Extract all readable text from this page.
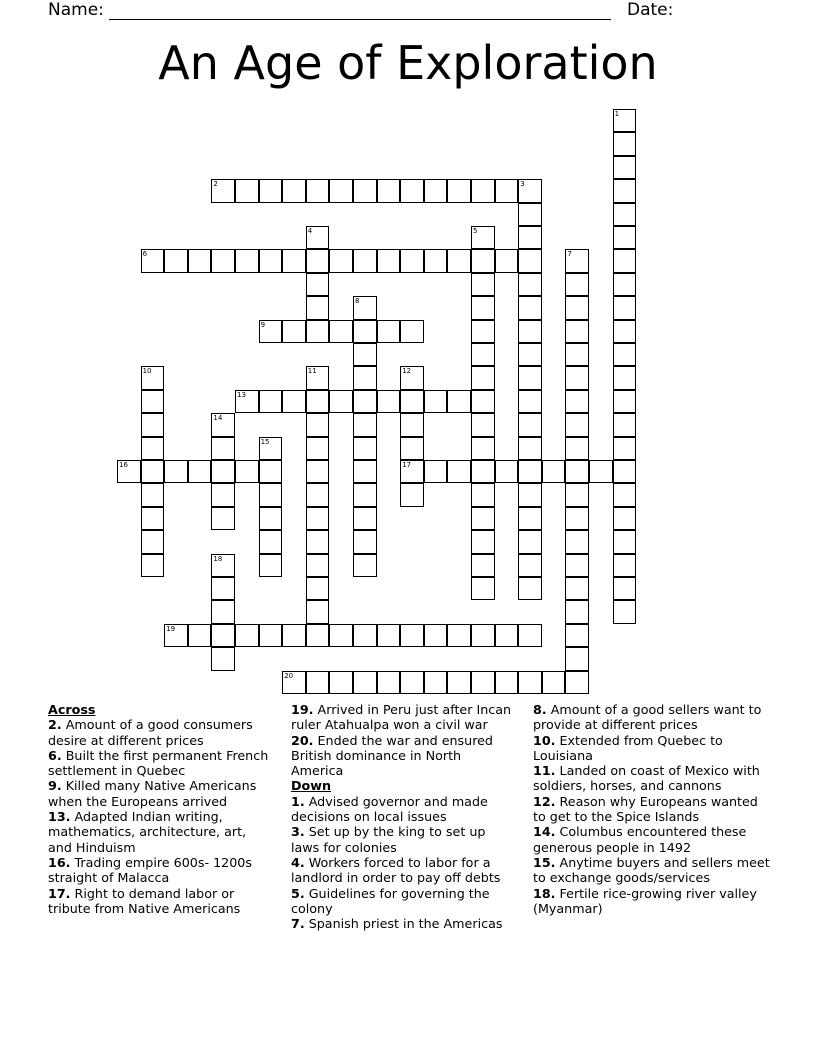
Name:	Date:
An Age of Exploration
1
2	3
4	5
6	7
8
9
10	11	12
17
13
14
15
16
18
19
20
Across
2. Amount of a good consumers desire at different prices
6. Built the first permanent French settlement in Quebec
9. Killed many Native Americans when the Europeans arrived
13. Adapted Indian writing, mathematics, architecture, art, and Hinduism
16. Trading empire 600s- 1200s straight of Malacca
17. Right to demand labor or tribute from Native Americans
19. Arrived in Peru just after Incan ruler Atahualpa won a civil war
20. Ended the war and ensured British dominance in North America
Down
1. Advised governor and made decisions on local issues
3. Set up by the king to set up laws for colonies
4. Workers forced to labor for a landlord in order to pay off debts
5. Guidelines for governing the colony
7. Spanish priest in the Americas
8. Amount of a good sellers want to provide at different prices
10. Extended from Quebec to Louisiana
11. Landed on coast of Mexico with soldiers, horses, and cannons
12. Reason why Europeans wanted to get to the Spice Islands
14. Columbus encountered these generous people in 1492
15. Anytime buyers and sellers meet to exchange goods/services
18. Fertile rice-growing river valley (Myanmar)
